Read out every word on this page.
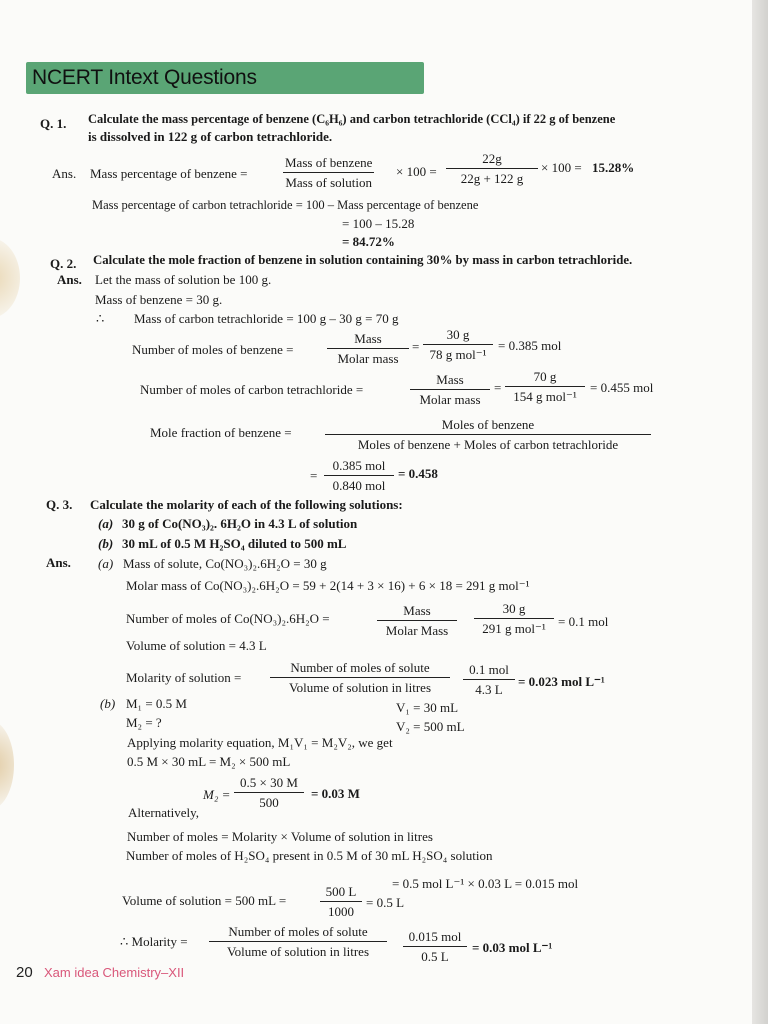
NCERT Intext Questions
Q. 1. Calculate the mass percentage of benzene (C₆H₆) and carbon tetrachloride (CCl₄) if 22 g of benzene
is dissolved in 122 g of carbon tetrachloride.
Ans. Mass percentage of benzene =
Mass of benzene
Mass of solution
× $100 = \frac{22g}{22g + 122 g} \times 100 = 15.28\%$
Mass percentage of carbon tetrachloride = 100 – Mass percentage of benzene
= 100 – 15.28
= 84.72%
Q. 2. Calculate the mole fraction of benzene in solution containing 30% by mass in carbon tetrachloride.
Ans. Let the mass of solution be 100 g.
Mass of benzene = 30 g.
∴ Mass of carbon tetrachloride = 100 g – 30 g = 70 g
Number of moles of benzene =
Mass
Molar mass
=
30 g
78 g mol⁻¹
= 0.385 mol
Number of moles of carbon tetrachloride =
Mass
Molar mass
=
70 g
154 g mol⁻¹
= 0.455 mol
Mole fraction of benzene =
Moles of benzene
Moles of benzene + Moles of carbon tetrachloride
=
0.385 mol
0.840 mol
= 0.458
Q. 3. Calculate the molarity of each of the following solutions:
(a) 30 g of Co(NO₃)₂. 6H₂O in 4.3 L of solution
(b) 30 mL of 0.5 M H₂SO₄ diluted to 500 mL
Ans. (a) Mass of solute, Co(NO₃)₂.6H₂O = 30 g
Molar mass of Co(NO₃)₂.6H₂O = 59 + 2(14 + 3 × 16) + 6 × 18 = 291 g mol⁻¹
Number of moles of Co(NO₃)₂.6H₂O =
Mass
Molar Mass
30 g
291 g mol⁻¹ = 0.1 mol
Volume of solution = 4.3 L
Molarity of solution =
Number of moles of solute
Volume of solution in litres
0.1 mol
4.3 L
= 0.023 mol L⁻¹
(b) M₁ = 0.5 M	V₁ = 30 mL
M₂ = ?	V₂ = 500 mL
Applying molarity equation, M₁V₁ = M₂V₂, we get
0.5 M × 30 mL = M₂ × 500 mL
$M_2 = \frac{0.5 \times 30 M}{500} = 0.03$ M
Alternatively,
Number of moles = Molarity × Volume of solution in litres
Number of moles of H₂SO₄ present in 0.5 M of 30 mL H₂SO₄ solution
= 0.5 mol L⁻¹ × 0.03 L = 0.015 mol
Volume of solution = 500 mL =	$\frac{500 L}{1000} = 0.5$ L
∴ Molarity =
Number of moles of solute
Volume of solution in litres
0.015 mol
0.5 L
= 0.03 mol L⁻¹
20 Xam idea Chemistry–XII
